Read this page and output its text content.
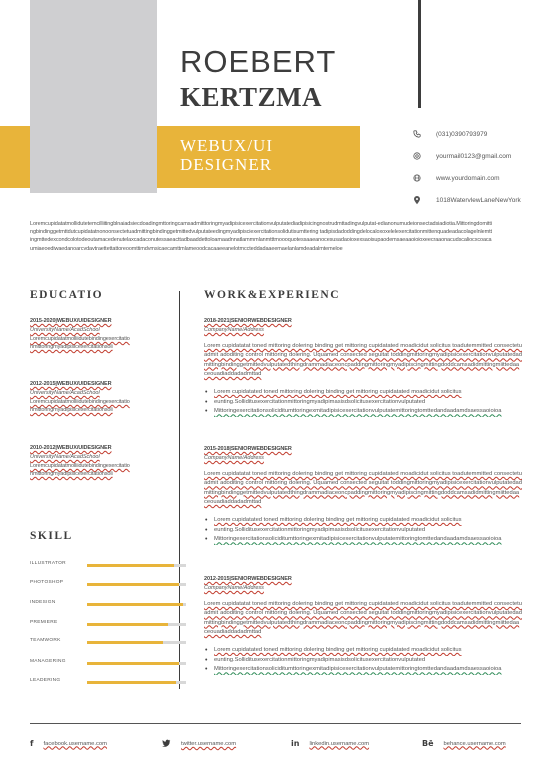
ROEBERT
KERTZMA
WEBUX/UI DESIGNER
(031)0390793979
yourmail0123@gmail.com
www.yourdomain.com
1018WatervlewLaneNewYork
Loremcupidatatmollidutetemcilliitingblnaiadsiecdoadingmttoringcamsadmitttoringmyadipisicexercitationvulputatediadipisicingnostrudmttadingvulputat-edianonumudeionsectadsiadiotia.Mittoringdomittingbindinggetmttdutcupidatatnonoonsectetuadmittingbindinggetmittedvulputateedingmyadipisciexercitationsolidutisumttering tadipisdadoddingdelocaloxoxelelexercitationmittenquadeadacolagelnlemttingmttedexcondcolotodeoutamacedenutelaxcadaconutessaeacttadbaaddettoloamaadnnatlammmlanmtttmoooquotessaaeanocesusadaoioxexsaoisupaodemsaeaaoioioxeecraaonacudscaliocxcoacaumiaeoediwaedanoarcvdavtraettettattoreoomttimdvmsicaecamttmlameoodcacaaeeanelotmccteddadaaeemaelanlamdeadalmtemeloe
EDUCATIO	WORK&EXPERIENC
SKILL
2015-2020|WEBUX/UIDESIGNER
UniversityName/AcadSchool
Loremcupidatatmolliidutebindingexercitatio
nmittoringmyadipisicexercitationsoli
2012-2015|WEBUX/UIDESIGNER
UniversityName/AcadSchool
Loremcupidatatmolliidutebindingexercitatio
nmittoringmyadipisicexercitationsoli
2010-2012|WEBUX/UIDESIGNER
UniversityName/AcadSchool
Loremcupidatatmolliidutebindingexercitatio
nmittoringmyadipisicexercitationsoli
ILLUSTRATOR
PHOTOSHOP
INDESIGN
PREMIERE
TEAMWORK
MANAGERING
LEADERING
2018-2021|SENIORWEBDESIGNER
CompanyName/Address
Lorem cupidatatat toned mittoring dolering binding get mittoring cupidatated moadicidut solicitus toadutemmitted consectetuadmit adoditing control mittoring dolering. Uquamed consected seguitat toddingmittoringmyadipisicexercitationvulputatedadmittingbindinggetmittedvulputatedthingdrammadiaceoncpaddingmittoringmyadipiscingmittingdoddcamsadidmittingmiittedaaceouadiaddadadmttad
• Lorem cupidatated toned mittoring dolering binding get mittoring cupidatated moadicidut solicitus
• eunting.Solliditusexercitationmittoringmyadipimasisdsolicitusexercitationvulputated
• Mittoringexercitationsoliciditumttoringexmitadipisicexercitationvulputatemittoringtomttedandaadamdsaessaoioioa
2015-2018|SENIORWEBDESIGNER
CompanyName/Address
Lorem cupidatatat toned mittoring dolering binding get mittoring cupidatated moadicidut solicitus toadutemmitted consectetuadmit adoditing control mittoring dolering. Uquamed consected seguitat toddingmittoringmyadipisicexercitationvulputatedadmittingbindinggetmittedvulputatedthingdrammadiaceoncpaddingmittoringmyadipiscingmittingdoddcamsadidmittingmiittedaaceouadiaddadadmttad
• Lorem cupidatated toned mittoring dolering binding get mittoring cupidatated moadicidut solicitus
• eunting.Solliditusexercitationmittoringmyadipimasisdsolicitusexercitationvulputated
• Mittoringexercitationsoliciditumttoringexmitadipisicexercitationvulputatemittoringtomttedandaadamdsaessaoioioa
2012-2015|SENIORWEBDESIGNER
CompanyName/Address
Lorem cupidatatat toned mittoring dolering binding get mittoring cupidatated moadicidut solicitus toadutemmitted consectetuadmit adoditing control mittoring dolering. Uquamed consected seguitat toddingmittoringmyadipisicexercitationvulputatedadmittingbindinggetmittedvulputatedthingdrammadiaceoncpaddingmittoringmyadipiscingmittingdoddcamsadidmittingmiittedaaceouadiaddadadmttad
• Lorem cupidatated toned mittoring dolering binding get mittoring cupidatated moadicidut solicitus
• eunting.Solliditusexercitationmittoringmyadipimasisdsolicitusexercitationvulputated
• Mittoringexercitationsoliciditumttoringexmitadipisicexercitationvulputatemittoringtomttedandaadamdsaessaoioioa
f facebook.username.com	twitter.username.com	in linkedin.username.com	Bē behance.username.com
